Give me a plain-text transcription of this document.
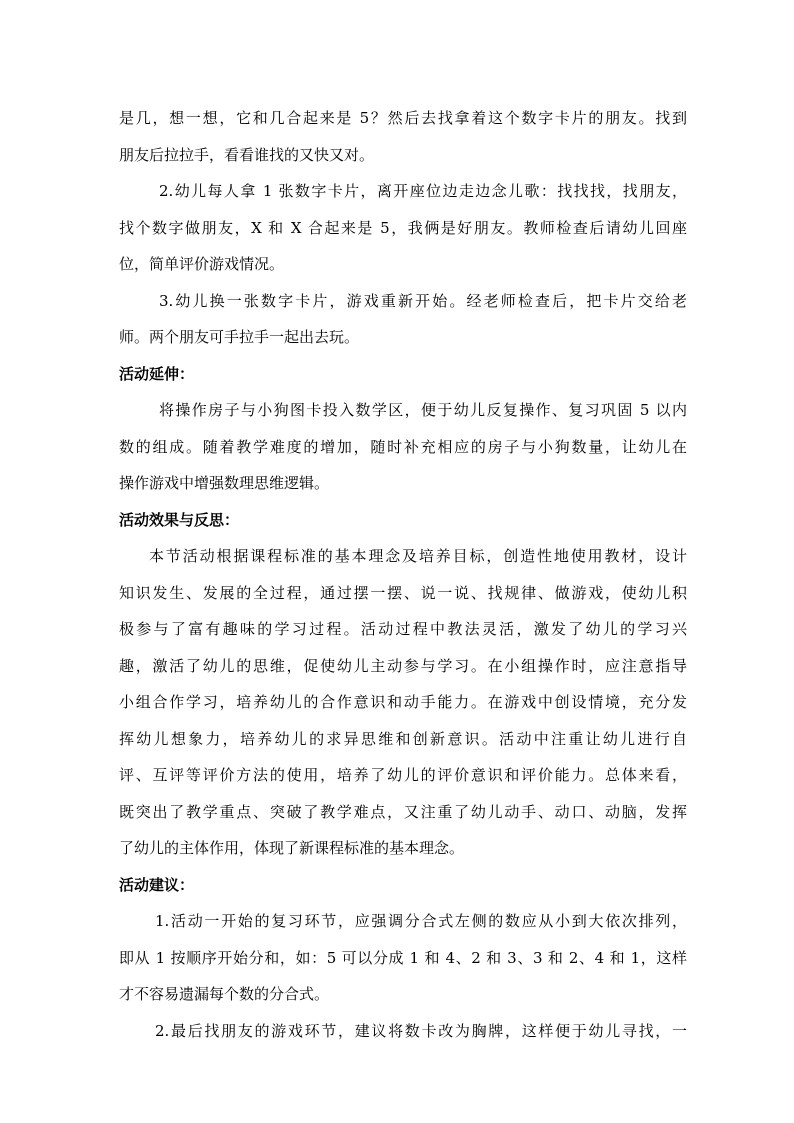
是几，想一想，它和几合起来是 5？然后去找拿着这个数字卡片的朋友。找到
朋友后拉拉手，看看谁找的又快又对。
2.幼儿每人拿 1 张数字卡片，离开座位边走边念儿歌：找找找，找朋友，
找个数字做朋友，X 和 X 合起来是 5，我俩是好朋友。教师检查后请幼儿回座
位，简单评价游戏情况。
3.幼儿换一张数字卡片，游戏重新开始。经老师检查后，把卡片交给老
师。两个朋友可手拉手一起出去玩。
活动延伸：
将操作房子与小狗图卡投入数学区，便于幼儿反复操作、复习巩固 5 以内
数的组成。随着教学难度的增加，随时补充相应的房子与小狗数量，让幼儿在
操作游戏中增强数理思维逻辑。
活动效果与反思：
本节活动根据课程标准的基本理念及培养目标，创造性地使用教材，设计
知识发生、发展的全过程，通过摆一摆、说一说、找规律、做游戏，使幼儿积
极参与了富有趣味的学习过程。活动过程中教法灵活，激发了幼儿的学习兴
趣，激活了幼儿的思维，促使幼儿主动参与学习。在小组操作时，应注意指导
小组合作学习，培养幼儿的合作意识和动手能力。在游戏中创设情境，充分发
挥幼儿想象力，培养幼儿的求异思维和创新意识。活动中注重让幼儿进行自
评、互评等评价方法的使用，培养了幼儿的评价意识和评价能力。总体来看，
既突出了教学重点、突破了教学难点，又注重了幼儿动手、动口、动脑，发挥
了幼儿的主体作用，体现了新课程标准的基本理念。
活动建议：
1.活动一开始的复习环节，应强调分合式左侧的数应从小到大依次排列，
即从 1 按顺序开始分和，如：5 可以分成 1 和 4、2 和 3、3 和 2、4 和 1，这样
才不容易遗漏每个数的分合式。
2.最后找朋友的游戏环节，建议将数卡改为胸牌，这样便于幼儿寻找，一
